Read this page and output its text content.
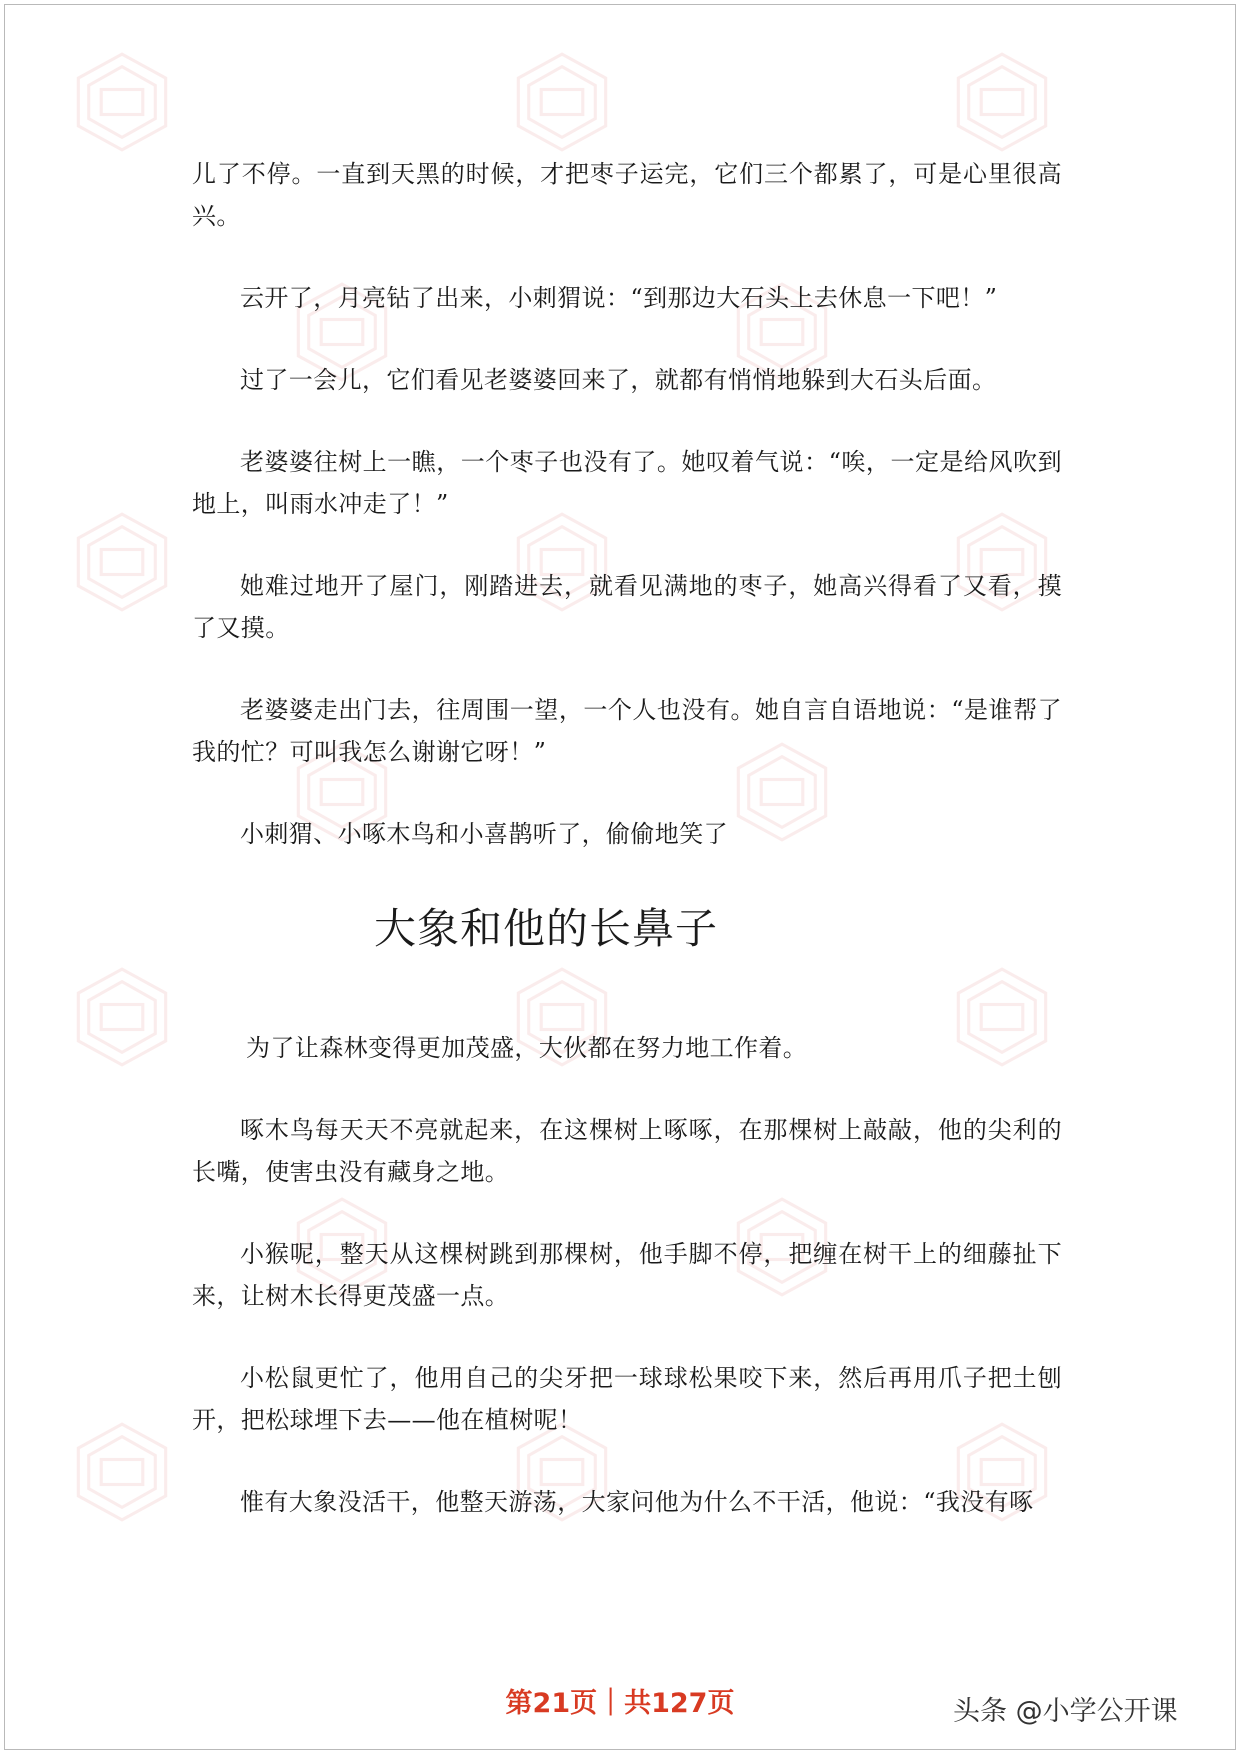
儿了不停。一直到天黑的时候，才把枣子运完，它们三个都累了，可是心里很高兴。

云开了，月亮钻了出来，小刺猬说：“到那边大石头上去休息一下吧！”

过了一会儿，它们看见老婆婆回来了，就都有悄悄地躲到大石头后面。

老婆婆往树上一瞧，一个枣子也没有了。她叹着气说：“唉，一定是给风吹到地上，叫雨水冲走了！”

她难过地开了屋门，刚踏进去，就看见满地的枣子，她高兴得看了又看，摸了又摸。

老婆婆走出门去，往周围一望，一个人也没有。她自言自语地说：“是谁帮了我的忙？可叫我怎么谢谢它呀！”

小刺猬、小啄木鸟和小喜鹊听了，偷偷地笑了

大象和他的长鼻子

为了让森林变得更加茂盛，大伙都在努力地工作着。

啄木鸟每天天不亮就起来，在这棵树上啄啄，在那棵树上敲敲，他的尖利的长嘴，使害虫没有藏身之地。

小猴呢，整天从这棵树跳到那棵树，他手脚不停，把缠在树干上的细藤扯下来，让树木长得更茂盛一点。

小松鼠更忙了，他用自己的尖牙把一球球松果咬下来，然后再用爪子把土刨开，把松球埋下去——他在植树呢！

惟有大象没活干，他整天游荡，大家问他为什么不干活，他说：“我没有啄

第21页｜共127页	头条 @小学公开课
